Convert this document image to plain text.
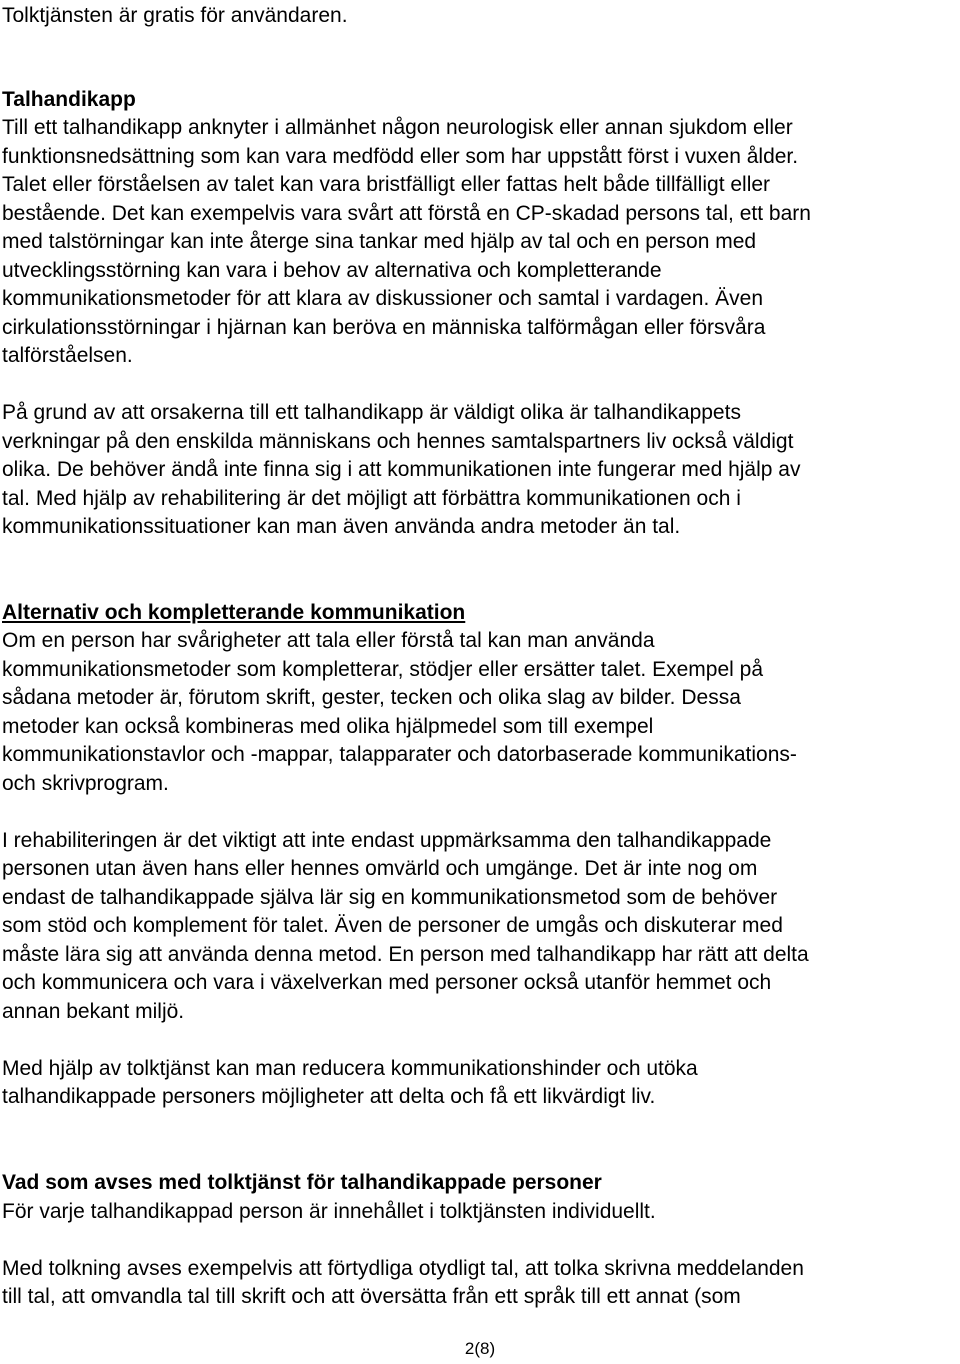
Tolktjänsten är gratis för användaren.
Talhandikapp
Till ett talhandikapp anknyter i allmänhet någon neurologisk eller annan sjukdom eller
funktionsnedsättning som kan vara medfödd eller som har uppstått först i vuxen ålder.
Talet eller förståelsen av talet kan vara bristfälligt eller fattas helt både tillfälligt eller
bestående. Det kan exempelvis vara svårt att förstå en CP-skadad persons tal, ett barn
med talstörningar kan inte återge sina tankar med hjälp av tal och en person med
utvecklingsstörning kan vara i behov av alternativa och kompletterande
kommunikationsmetoder för att klara av diskussioner och samtal i vardagen. Även
cirkulationsstörningar i hjärnan kan beröva en människa talförmågan eller försvåra
talförståelsen.
På grund av att orsakerna till ett talhandikapp är väldigt olika är talhandikappets
verkningar på den enskilda människans och hennes samtalspartners liv också väldigt
olika. De behöver ändå inte finna sig i att kommunikationen inte fungerar med hjälp av
tal. Med hjälp av rehabilitering är det möjligt att förbättra kommunikationen och i
kommunikationssituationer kan man även använda andra metoder än tal.
Alternativ och kompletterande kommunikation
Om en person har svårigheter att tala eller förstå tal kan man använda
kommunikationsmetoder som kompletterar, stödjer eller ersätter talet. Exempel på
sådana metoder är, förutom skrift, gester, tecken och olika slag av bilder. Dessa
metoder kan också kombineras med olika hjälpmedel som till exempel
kommunikationstavlor och -mappar, talapparater och datorbaserade kommunikations-
och skrivprogram.
I rehabiliteringen är det viktigt att inte endast uppmärksamma den talhandikappade
personen utan även hans eller hennes omvärld och umgänge. Det är inte nog om
endast de talhandikappade själva lär sig en kommunikationsmetod som de behöver
som stöd och komplement för talet. Även de personer de umgås och diskuterar med
måste lära sig att använda denna metod. En person med talhandikapp har rätt att delta
och kommunicera och vara i växelverkan med personer också utanför hemmet och
annan bekant miljö.
Med hjälp av tolktjänst kan man reducera kommunikationshinder och utöka
talhandikappade personers möjligheter att delta och få ett likvärdigt liv.
Vad som avses med tolktjänst för talhandikappade personer
För varje talhandikappad person är innehållet i tolktjänsten individuellt.
Med tolkning avses exempelvis att förtydliga otydligt tal, att tolka skrivna meddelanden
till tal, att omvandla tal till skrift och att översätta från ett språk till ett annat (som
2(8)
